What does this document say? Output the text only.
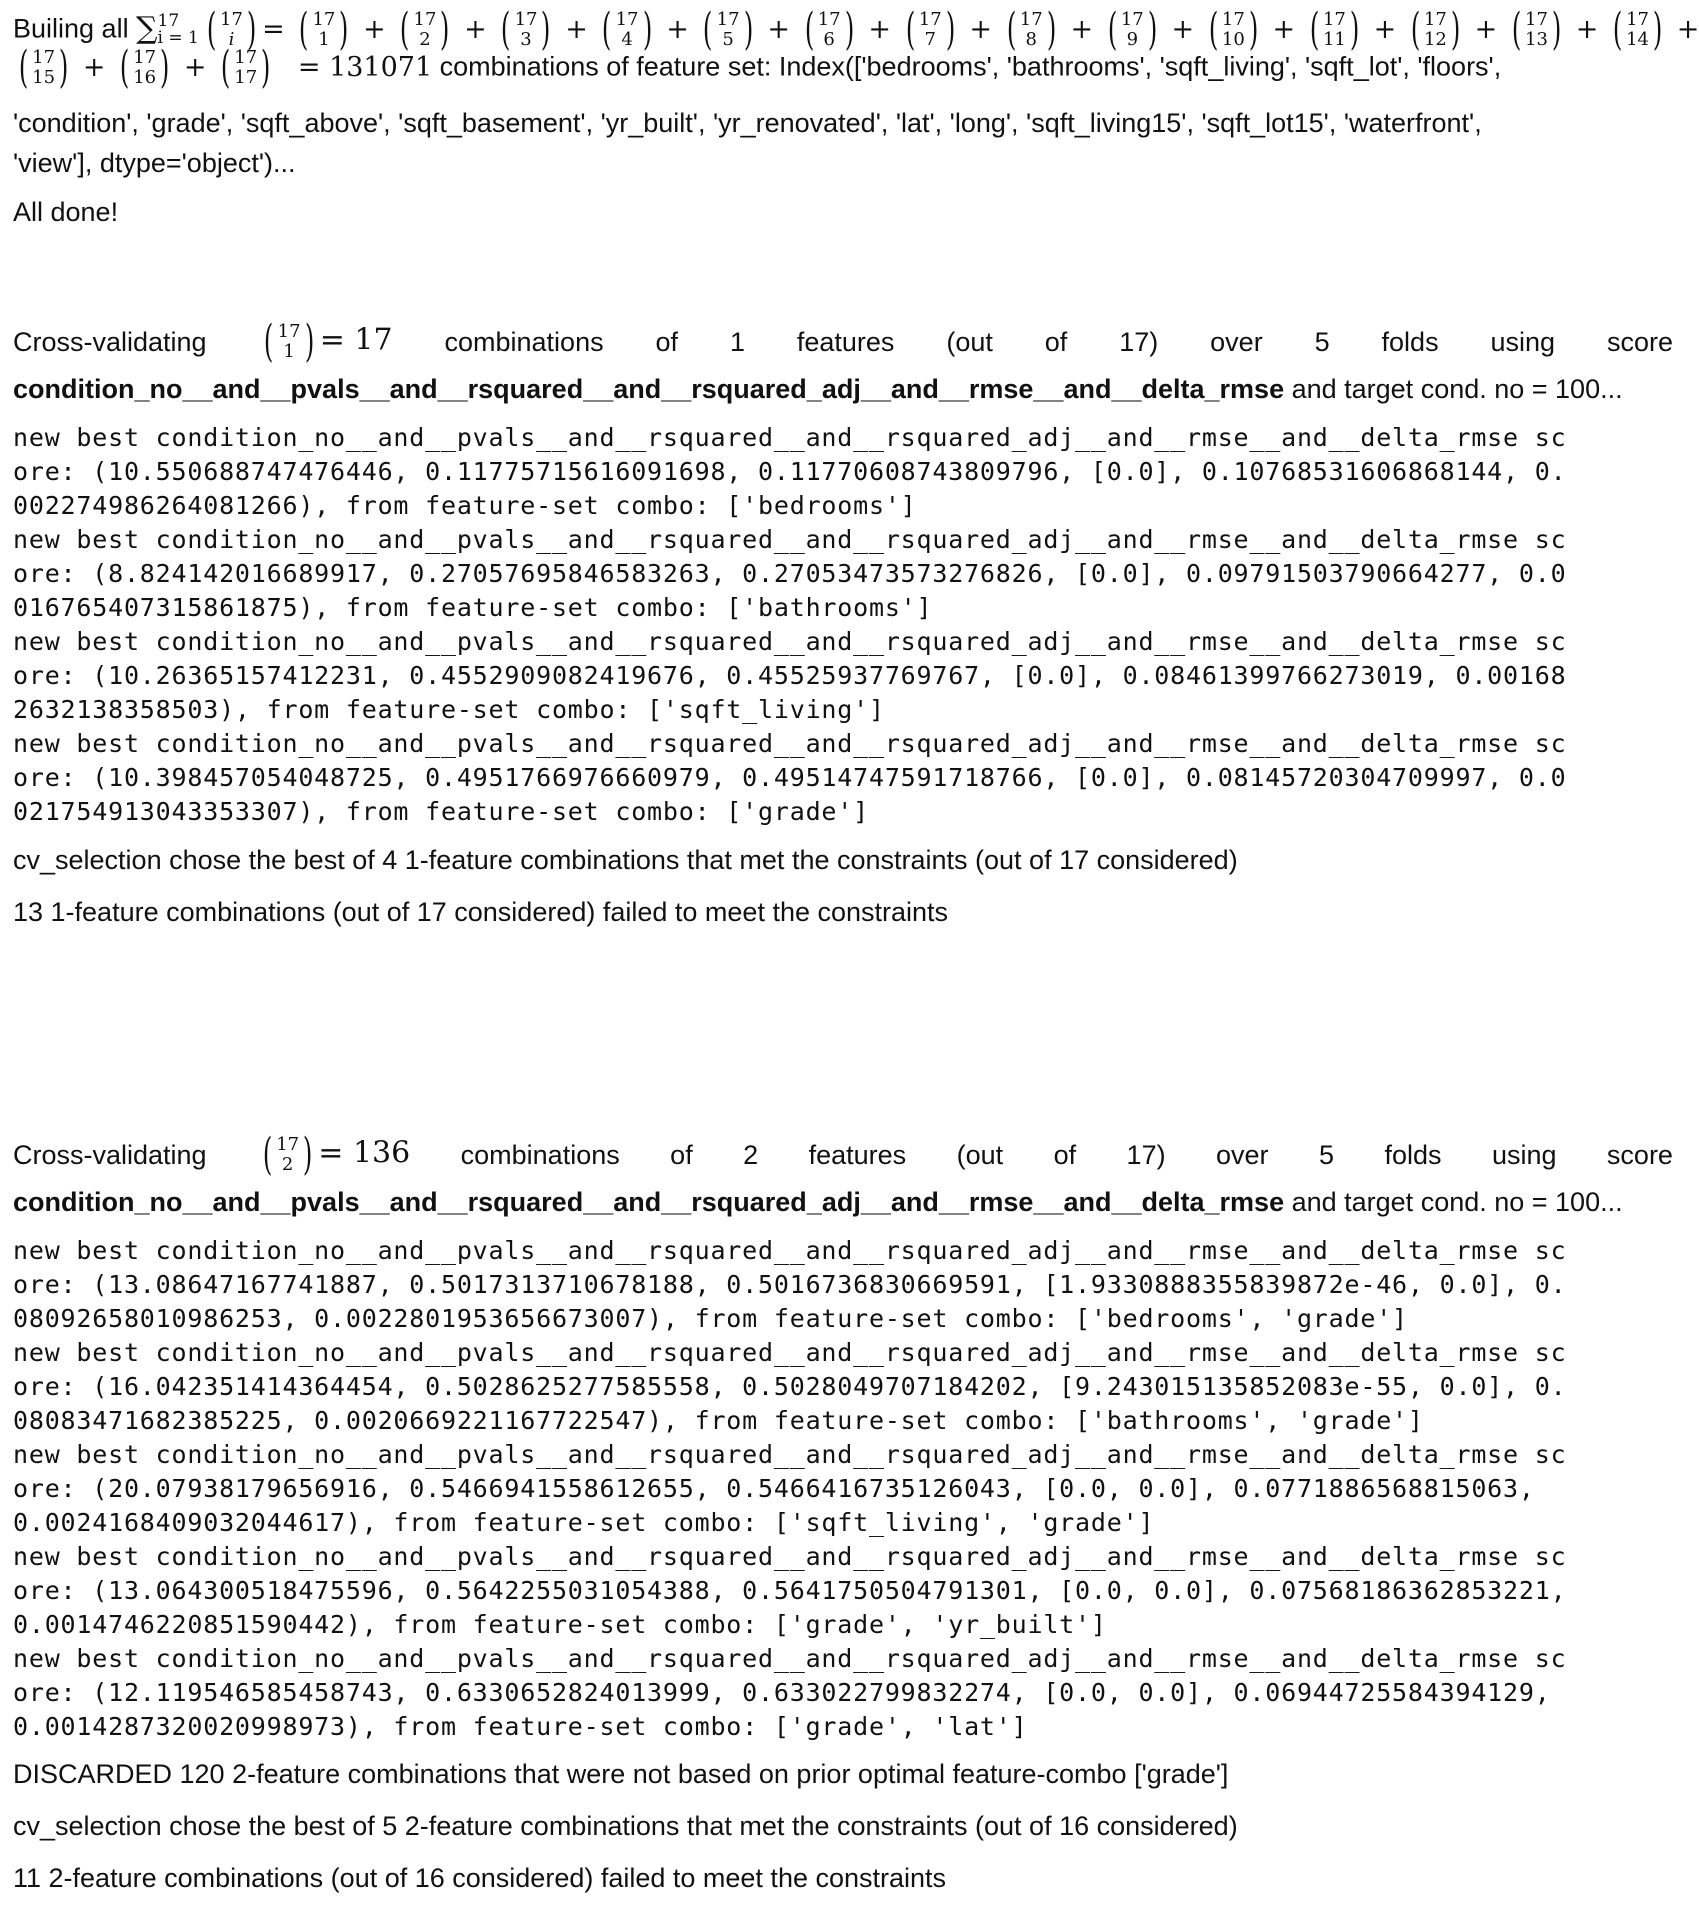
Builing all ∑ 17
i = 1 ( 17
i ) = ( 17
1 ) + ( 17
2 ) + ( 17
3 ) + ( 17
4 ) + ( 17
5 ) + ( 17
6 ) + ( 17
7 ) + ( 17
8 ) + ( 17
9 ) + ( 17
10 ) + ( 17
11 ) + ( 17
12 ) + ( 17
13 ) + ( 17
14 ) +
( 17
15 ) + ( 17
16 ) + ( 17
17 ) = 131071 combinations of feature set: Index(['bedrooms', 'bathrooms', 'sqft_living', 'sqft_lot', 'floors',
'condition', 'grade', 'sqft_above', 'sqft_basement', 'yr_built', 'yr_renovated', 'lat', 'long', 'sqft_living15', 'sqft_lot15', 'waterfront',
'view'], dtype='object')...
All done!
Cross-validating ( 17
1 ) = 17 combinations of 1 features (out of 17) over 5 folds using score
condition_no__and__pvals__and__rsquared__and__rsquared_adj__and__rmse__and__delta_rmse and target cond. no = 100...
new best condition_no__and__pvals__and__rsquared__and__rsquared_adj__and__rmse__and__delta_rmse sc
ore: (10.550688747476446, 0.11775715616091698, 0.11770608743809796, [0.0], 0.10768531606868144, 0.
002274986264081266), from feature-set combo: ['bedrooms']
new best condition_no__and__pvals__and__rsquared__and__rsquared_adj__and__rmse__and__delta_rmse sc
ore: (8.824142016689917, 0.27057695846583263, 0.27053473573276826, [0.0], 0.09791503790664277, 0.0
016765407315861875), from feature-set combo: ['bathrooms']
new best condition_no__and__pvals__and__rsquared__and__rsquared_adj__and__rmse__and__delta_rmse sc
ore: (10.26365157412231, 0.4552909082419676, 0.45525937769767, [0.0], 0.08461399766273019, 0.00168
2632138358503), from feature-set combo: ['sqft_living']
new best condition_no__and__pvals__and__rsquared__and__rsquared_adj__and__rmse__and__delta_rmse sc
ore: (10.398457054048725, 0.4951766976660979, 0.49514747591718766, [0.0], 0.08145720304709997, 0.0
021754913043353307), from feature-set combo: ['grade']
cv_selection chose the best of 4 1-feature combinations that met the constraints (out of 17 considered)
13 1-feature combinations (out of 17 considered) failed to meet the constraints
Cross-validating ( 17
2 ) = 136 combinations of 2 features (out of 17) over 5 folds using score
condition_no__and__pvals__and__rsquared__and__rsquared_adj__and__rmse__and__delta_rmse and target cond. no = 100...
new best condition_no__and__pvals__and__rsquared__and__rsquared_adj__and__rmse__and__delta_rmse sc
ore: (13.08647167741887, 0.5017313710678188, 0.5016736830669591, [1.9330888355839872e-46, 0.0], 0.
08092658010986253, 0.0022801953656673007), from feature-set combo: ['bedrooms', 'grade']
new best condition_no__and__pvals__and__rsquared__and__rsquared_adj__and__rmse__and__delta_rmse sc
ore: (16.042351414364454, 0.5028625277585558, 0.5028049707184202, [9.243015135852083e-55, 0.0], 0.
08083471682385225, 0.0020669221167722547), from feature-set combo: ['bathrooms', 'grade']
new best condition_no__and__pvals__and__rsquared__and__rsquared_adj__and__rmse__and__delta_rmse sc
ore: (20.07938179656916, 0.5466941558612655, 0.5466416735126043, [0.0, 0.0], 0.0771886568815063,
0.0024168409032044617), from feature-set combo: ['sqft_living', 'grade']
new best condition_no__and__pvals__and__rsquared__and__rsquared_adj__and__rmse__and__delta_rmse sc
ore: (13.064300518475596, 0.5642255031054388, 0.5641750504791301, [0.0, 0.0], 0.07568186362853221,
0.0014746220851590442), from feature-set combo: ['grade', 'yr_built']
new best condition_no__and__pvals__and__rsquared__and__rsquared_adj__and__rmse__and__delta_rmse sc
ore: (12.119546585458743, 0.6330652824013999, 0.633022799832274, [0.0, 0.0], 0.06944725584394129,
0.0014287320020998973), from feature-set combo: ['grade', 'lat']
DISCARDED 120 2-feature combinations that were not based on prior optimal feature-combo ['grade']
cv_selection chose the best of 5 2-feature combinations that met the constraints (out of 16 considered)
11 2-feature combinations (out of 16 considered) failed to meet the constraints
